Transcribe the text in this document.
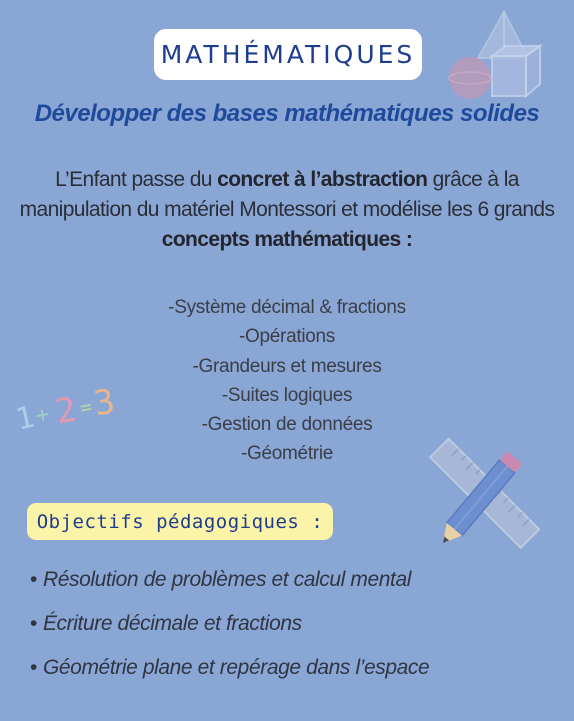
1
+ 2
=
3
MATHÉMATIQUES
Développer des bases mathématiques solides
L’Enfant passe du concret à l’abstraction grâce à la manipulation du matériel Montessori et modélise les 6 grands concepts mathématiques :
-Système décimal & fractions
-Opérations
-Grandeurs et mesures
-Suites logiques
-Gestion de données
-Géométrie
Objectifs pédagogiques :
• Résolution de problèmes et calcul mental
• Écriture décimale et fractions
• Géométrie plane et repérage dans l’espace
